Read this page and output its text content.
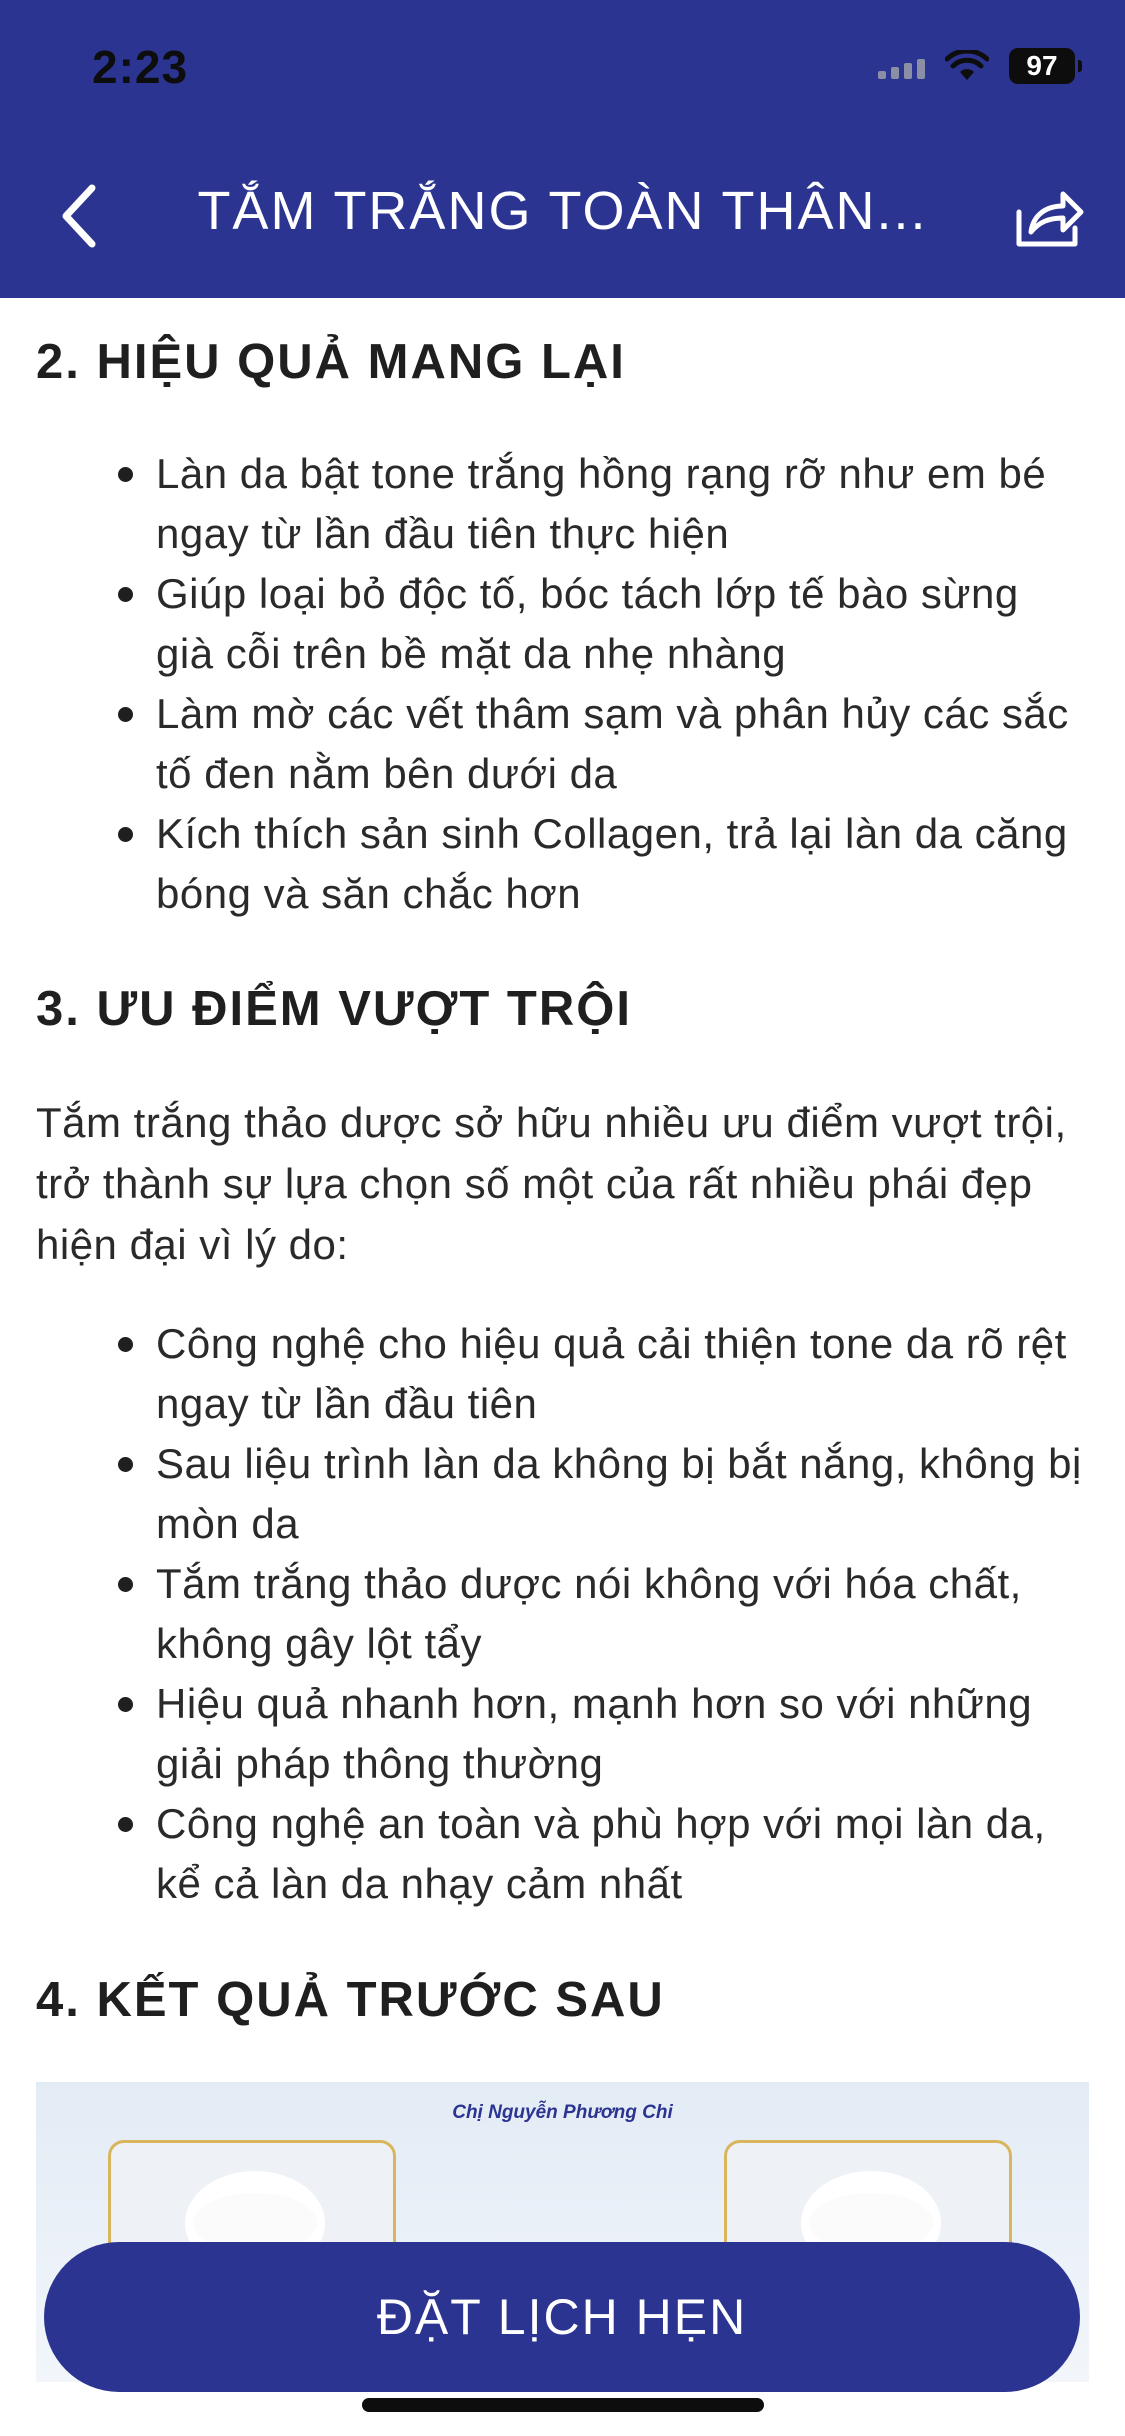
2:23	97
TẮM TRẮNG TOÀN THÂN...
2. HIỆU QUẢ MANG LẠI
Làn da bật tone trắng hồng rạng rỡ như em bé ngay từ lần đầu tiên thực hiện
Giúp loại bỏ độc tố, bóc tách lớp tế bào sừng già cỗi trên bề mặt da nhẹ nhàng
Làm mờ các vết thâm sạm và phân hủy các sắc tố đen nằm bên dưới da
Kích thích sản sinh Collagen, trả lại làn da căng bóng và săn chắc hơn
3. ƯU ĐIỂM VƯỢT TRỘI

Tắm trắng thảo dược sở hữu nhiều ưu điểm vượt trội, trở thành sự lựa chọn số một của rất nhiều phái đẹp hiện đại vì lý do:

Công nghệ cho hiệu quả cải thiện tone da rõ rệt ngay từ lần đầu tiên
Sau liệu trình làn da không bị bắt nắng, không bị mòn da
Tắm trắng thảo dược nói không với hóa chất, không gây lột tẩy
Hiệu quả nhanh hơn, mạnh hơn so với những giải pháp thông thường
Công nghệ an toàn và phù hợp với mọi làn da, kể cả làn da nhạy cảm nhất
4. KẾT QUẢ TRƯỚC SAU
Chị Nguyễn Phương Chi
ĐẶT LỊCH HẸN
